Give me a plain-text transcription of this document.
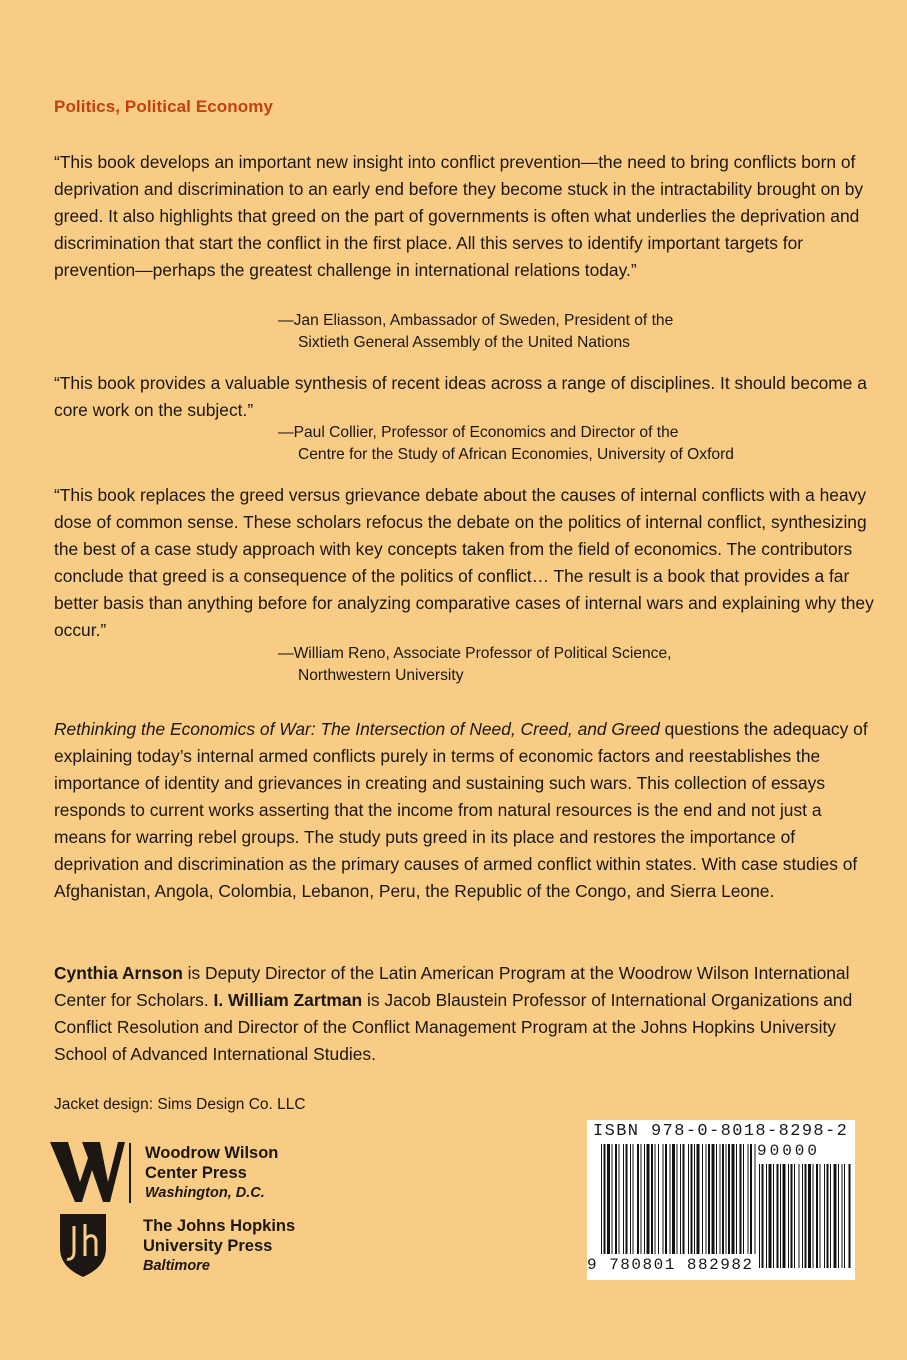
Politics, Political Economy

“This book develops an important new insight into conflict prevention—the need to bring conflicts born of deprivation and discrimination to an early end before they become stuck in the intractability brought on by greed. It also highlights that greed on the part of governments is often what underlies the deprivation and discrimination that start the conflict in the first place. All this serves to identify important targets for prevention—perhaps the greatest challenge in international relations today.”

—Jan Eliasson, Ambassador of Sweden, President of the
Sixtieth General Assembly of the United Nations

“This book provides a valuable synthesis of recent ideas across a range of disciplines. It should become a core work on the subject.”

—Paul Collier, Professor of Economics and Director of the
Centre for the Study of African Economies, University of Oxford

“This book replaces the greed versus grievance debate about the causes of internal conflicts with a heavy dose of common sense. These scholars refocus the debate on the politics of internal conflict, synthesizing the best of a case study approach with key concepts taken from the field of economics. The contributors conclude that greed is a consequence of the politics of conflict… The result is a book that provides a far better basis than anything before for analyzing comparative cases of internal wars and explaining why they occur.”

—William Reno, Associate Professor of Political Science,
Northwestern University

Rethinking the Economics of War: The Intersection of Need, Creed, and Greed questions the adequacy of explaining today’s internal armed conflicts purely in terms of economic factors and reestablishes the importance of identity and grievances in creating and sustaining such wars. This collection of essays responds to current works asserting that the income from natural resources is the end and not just a means for warring rebel groups. The study puts greed in its place and restores the importance of deprivation and discrimination as the primary causes of armed conflict within states. With case studies of Afghanistan, Angola, Colombia, Lebanon, Peru, the Republic of the Congo, and Sierra Leone.

Cynthia Arnson is Deputy Director of the Latin American Program at the Woodrow Wilson International Center for Scholars. I. William Zartman is Jacob Blaustein Professor of International Organizations and Conflict Resolution and Director of the Conflict Management Program at the Johns Hopkins University School of Advanced International Studies.

Jacket design: Sims Design Co. LLC
Woodrow Wilson
Center Press
Washington, D.C.
The Johns Hopkins
University Press
Baltimore
ISBN 978-0-8018-8298-2
90000
9 780801 882982
